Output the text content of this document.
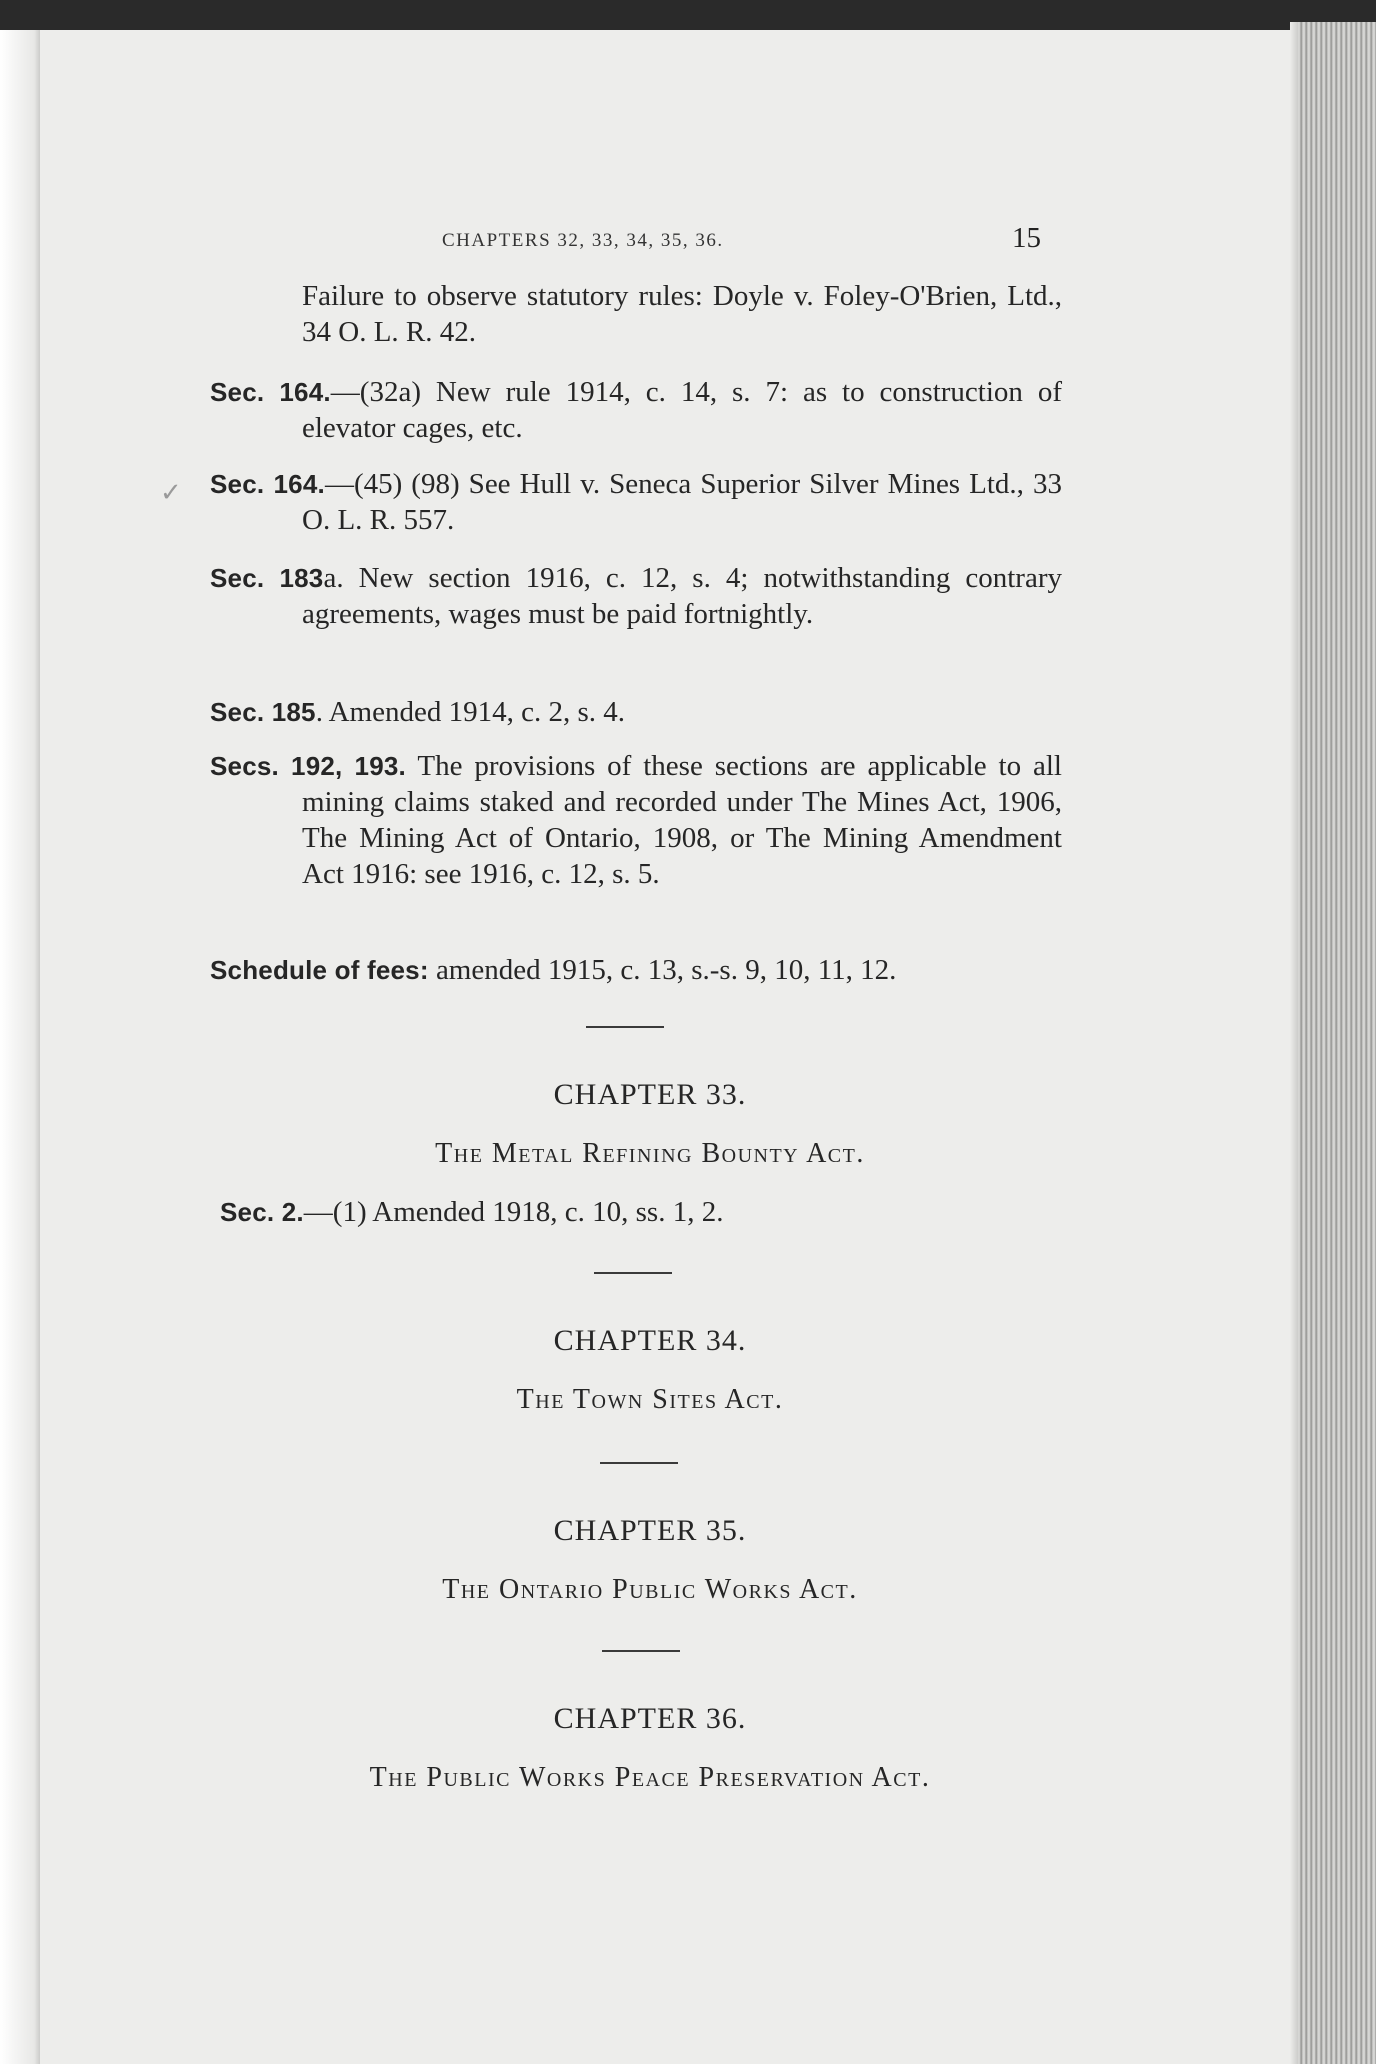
CHAPTERS 32, 33, 34, 35, 36.	15

Failure to observe statutory rules: Doyle v. Foley-O'Brien, Ltd., 34 O. L. R. 42.

Sec. 164.—(32a) New rule 1914, c. 14, s. 7: as to construction of elevator cages, etc.

✓ Sec. 164.—(45) (98) See Hull v. Seneca Superior Silver Mines Ltd., 33 O. L. R. 557.

Sec. 183a. New section 1916, c. 12, s. 4; notwithstanding contrary agreements, wages must be paid fortnightly.

Sec. 185. Amended 1914, c. 2, s. 4.

Secs. 192, 193. The provisions of these sections are applicable to all mining claims staked and recorded under The Mines Act, 1906, The Mining Act of Ontario, 1908, or The Mining Amendment Act 1916: see 1916, c. 12, s. 5.

Schedule of fees: amended 1915, c. 13, s.-s. 9, 10, 11, 12.

CHAPTER 33.
The Metal Refining Bounty Act.

Sec. 2.—(1) Amended 1918, c. 10, ss. 1, 2.

CHAPTER 34.
The Town Sites Act.
CHAPTER 35.
The Ontario Public Works Act.
CHAPTER 36.
The Public Works Peace Preservation Act.
